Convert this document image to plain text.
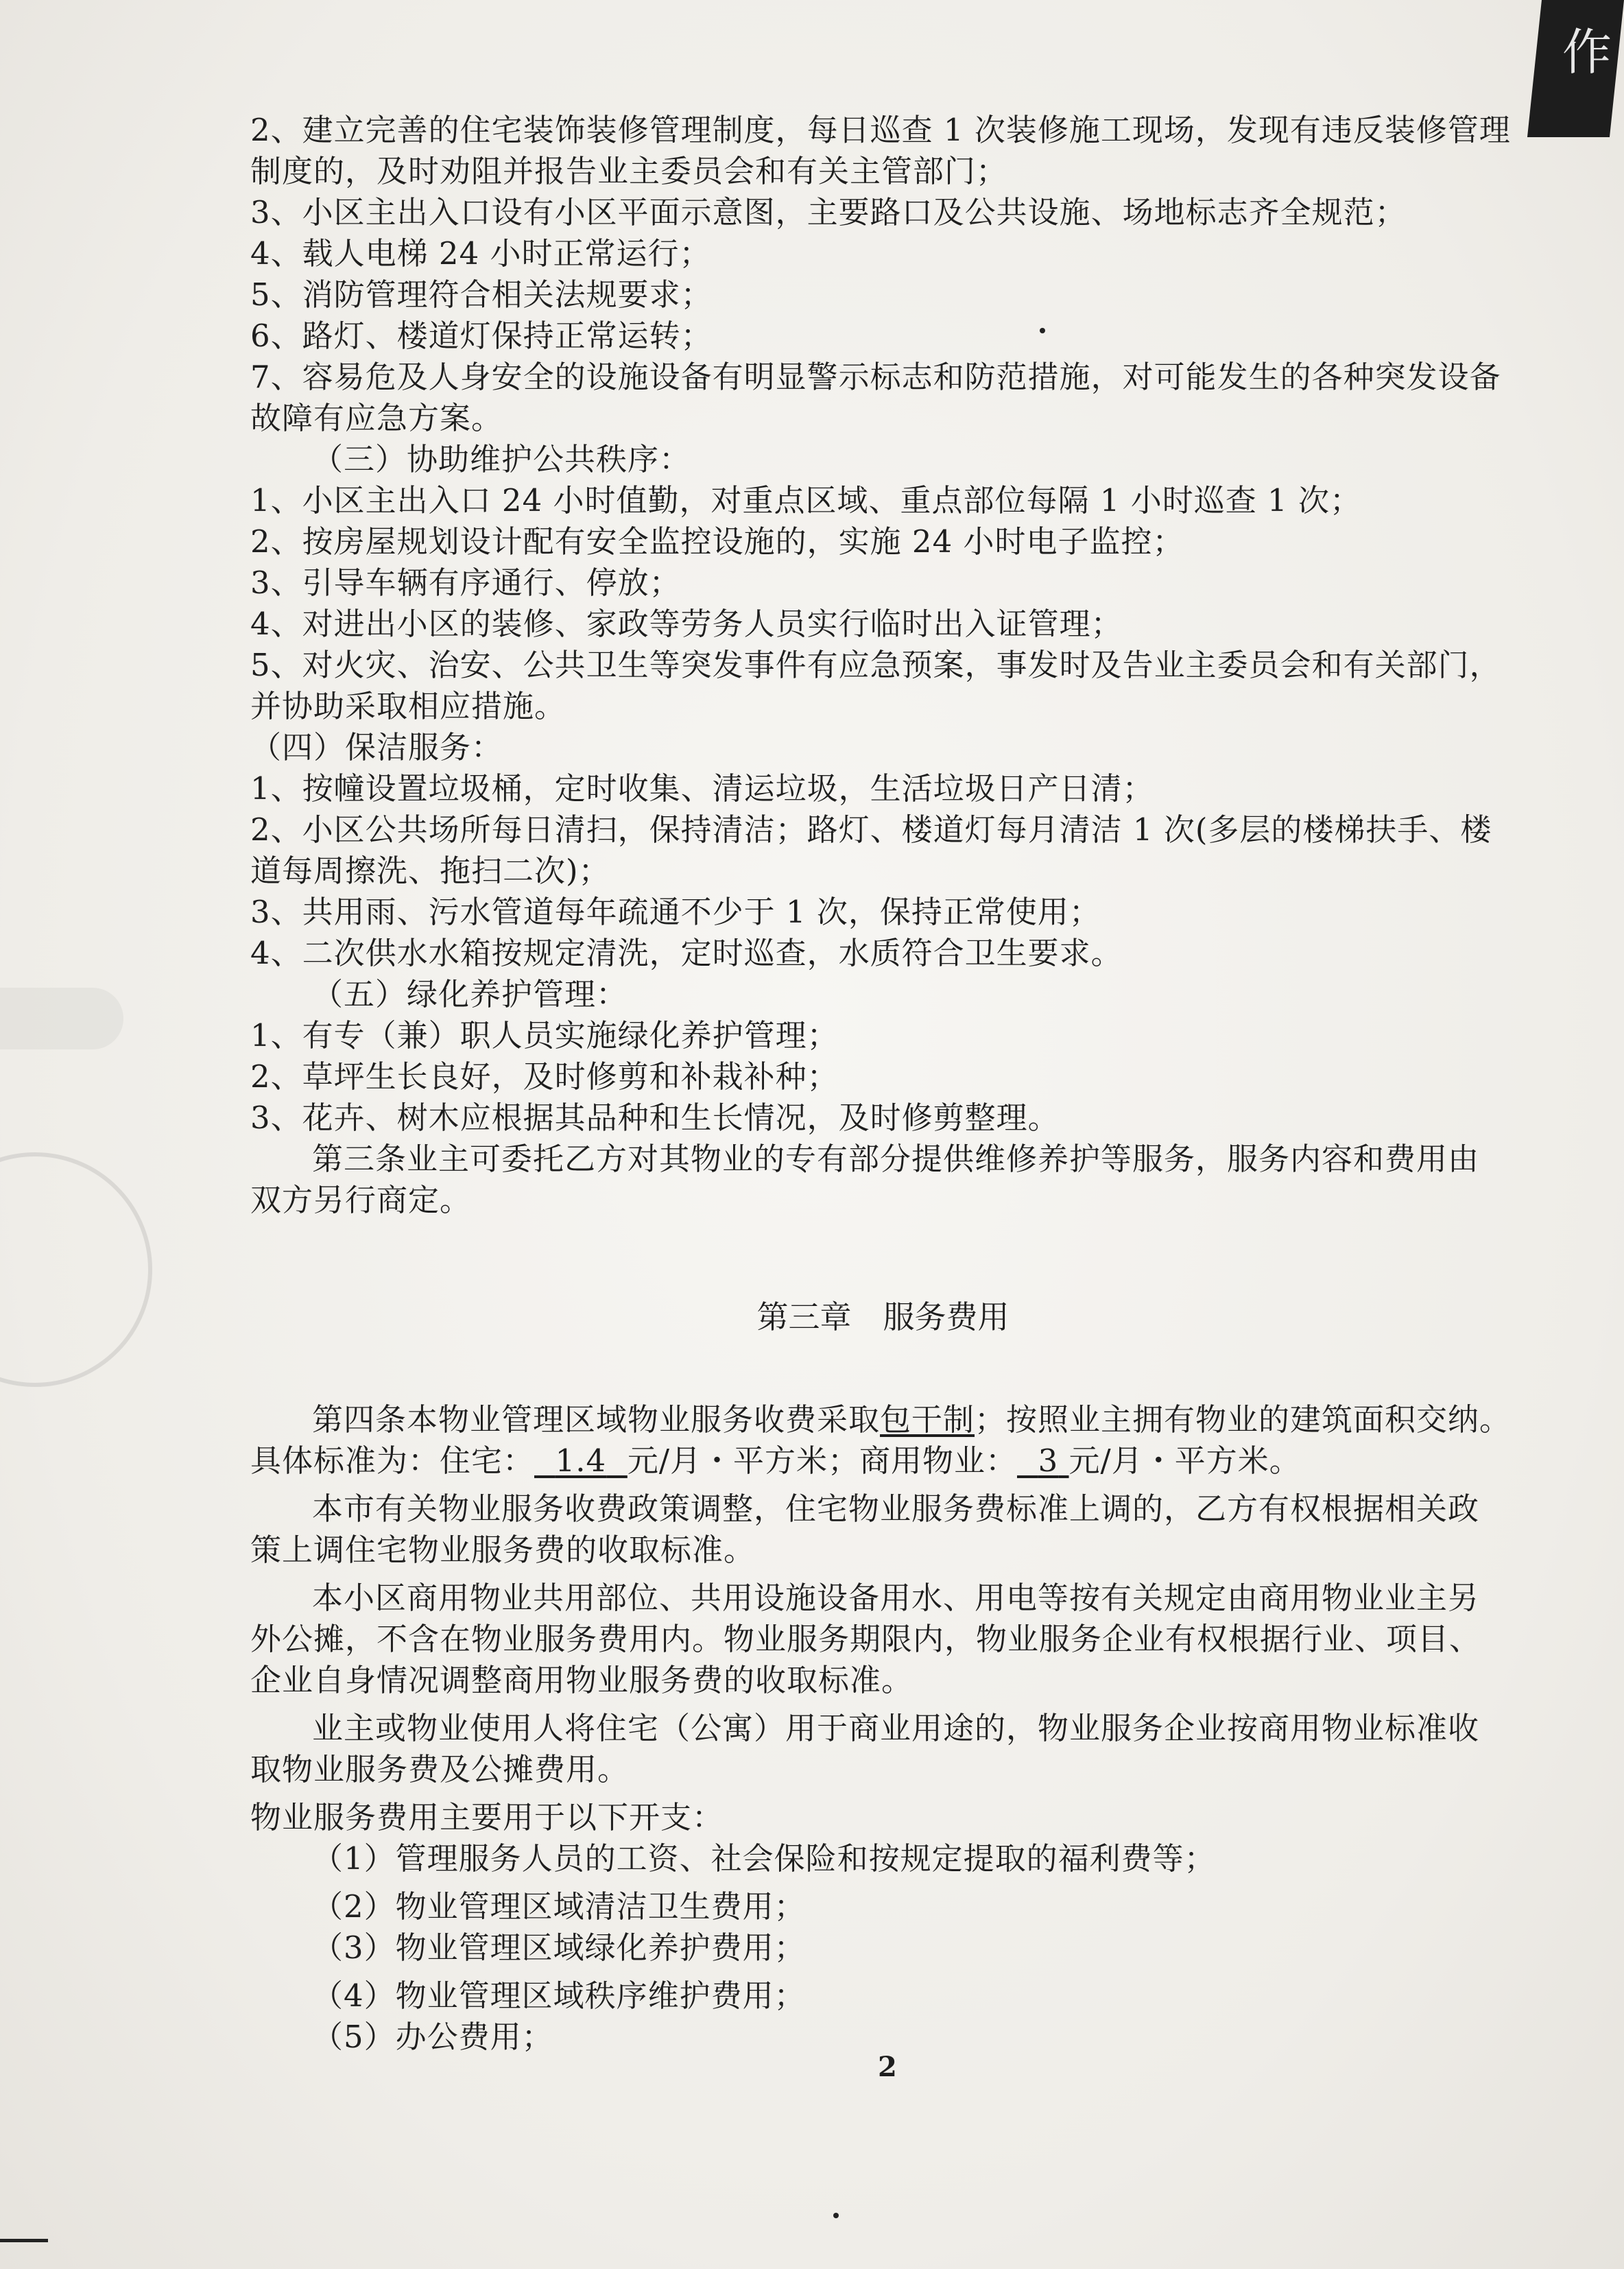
作
2、建立完善的住宅装饰装修管理制度，每日巡查 1 次装修施工现场，发现有违反装修管理
制度的，及时劝阻并报告业主委员会和有关主管部门；
3、小区主出入口设有小区平面示意图，主要路口及公共设施、场地标志齐全规范；
4、载人电梯 24 小时正常运行；
5、消防管理符合相关法规要求；
6、路灯、楼道灯保持正常运转；
7、容易危及人身安全的设施设备有明显警示标志和防范措施，对可能发生的各种突发设备
故障有应急方案。
（三）协助维护公共秩序：
1、小区主出入口 24 小时值勤，对重点区域、重点部位每隔 1 小时巡查 1 次；
2、按房屋规划设计配有安全监控设施的，实施 24 小时电子监控；
3、引导车辆有序通行、停放；
4、对进出小区的装修、家政等劳务人员实行临时出入证管理；
5、对火灾、治安、公共卫生等突发事件有应急预案，事发时及告业主委员会和有关部门，
并协助采取相应措施。
（四）保洁服务：
1、按幢设置垃圾桶，定时收集、清运垃圾，生活垃圾日产日清；
2、小区公共场所每日清扫，保持清洁；路灯、楼道灯每月清洁 1 次(多层的楼梯扶手、楼
道每周擦洗、拖扫二次)；
3、共用雨、污水管道每年疏通不少于 1 次，保持正常使用；
4、二次供水水箱按规定清洗，定时巡查，水质符合卫生要求。
（五）绿化养护管理：
1、有专（兼）职人员实施绿化养护管理；
2、草坪生长良好，及时修剪和补栽补种；
3、花卉、树木应根据其品种和生长情况，及时修剪整理。
第三条业主可委托乙方对其物业的专有部分提供维修养护等服务，服务内容和费用由
双方另行商定。
第三章　服务费用
第四条本物业管理区域物业服务收费采取包干制；按照业主拥有物业的建筑面积交纳。
具体标准为：住宅： 1.4 元/月・平方米；商用物业： 3 元/月・平方米。
本市有关物业服务收费政策调整，住宅物业服务费标准上调的，乙方有权根据相关政
策上调住宅物业服务费的收取标准。
本小区商用物业共用部位、共用设施设备用水、用电等按有关规定由商用物业业主另
外公摊，不含在物业服务费用内。物业服务期限内，物业服务企业有权根据行业、项目、
企业自身情况调整商用物业服务费的收取标准。
业主或物业使用人将住宅（公寓）用于商业用途的，物业服务企业按商用物业标准收
取物业服务费及公摊费用。
物业服务费用主要用于以下开支：
（1）管理服务人员的工资、社会保险和按规定提取的福利费等；
（2）物业管理区域清洁卫生费用；
（3）物业管理区域绿化养护费用；
（4）物业管理区域秩序维护费用；
（5）办公费用；
2
